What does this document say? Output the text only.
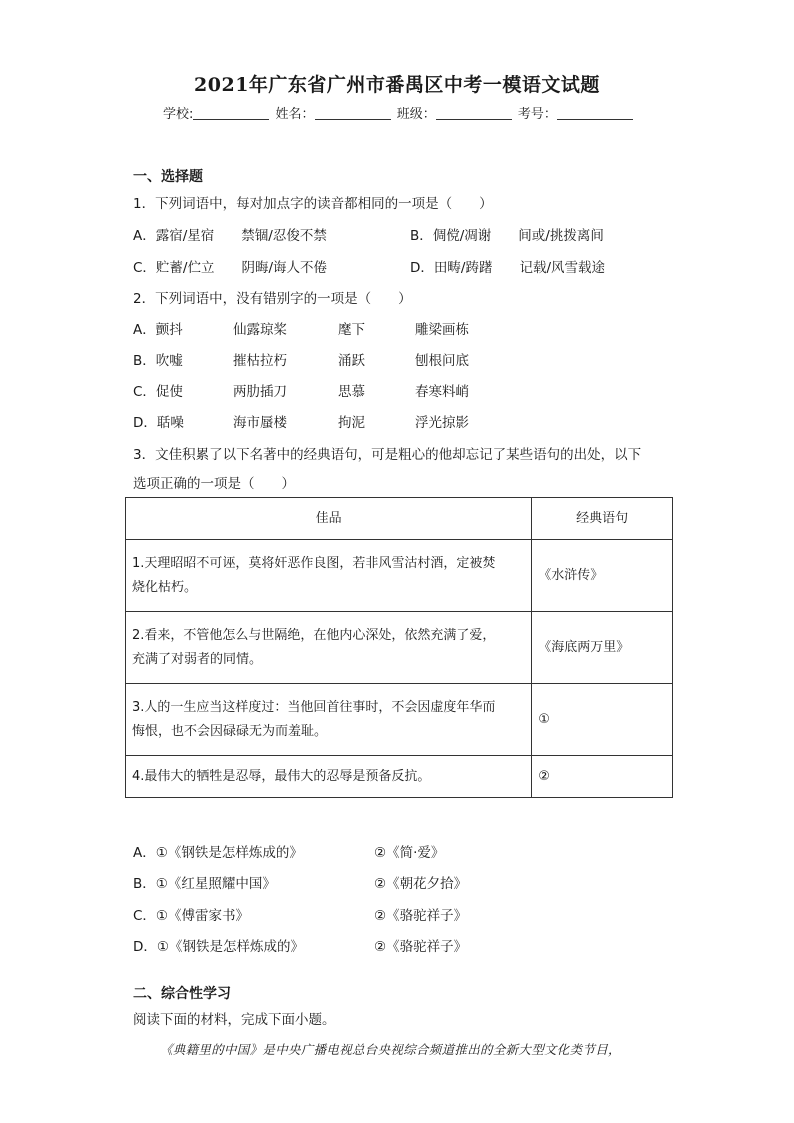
2021年广东省广州市番禺区中考一模语文试题
学校:	姓名：	班级：	考号：
一、选择题
1．下列词语中，每对加点字的读音都相同的一项是（　　）
A．露宿/星宿　　禁锢/忍俊不禁	B．倜傥/凋谢　　间或/挑拨离间
C．贮蓄/伫立　　阴晦/诲人不倦	D．田畴/踌躇　　记载/风雪载途
2．下列词语中，没有错别字的一项是（　　）
A．颤抖	仙露琼桨	麾下	雕梁画栋
B．吹嘘	摧枯拉朽	涌跃	刨根问底
C．促使	两肋插刀	思慕	春寒料峭
D．聒噪	海市蜃楼	拘泥	浮光掠影
3．文佳积累了以下名著中的经典语句，可是粗心的他却忘记了某些语句的出处，以下
选项正确的一项是（　　）
佳品	经典语句
1.天理昭昭不可诬，莫将奸恶作良图，若非风雪沽村酒，定被焚
烧化枯朽。	《水浒传》
2.看来，不管他怎么与世隔绝，在他内心深处，依然充满了爱，
充满了对弱者的同情。	《海底两万里》
3.人的一生应当这样度过：当他回首往事时，不会因虚度年华而
悔恨，也不会因碌碌无为而羞耻。	①
4.最伟大的牺牲是忍辱，最伟大的忍辱是预备反抗。	②
A．①《钢铁是怎样炼成的》	②《简·爱》
B．①《红星照耀中国》	②《朝花夕拾》
C．①《傅雷家书》	②《骆驼祥子》
D．①《钢铁是怎样炼成的》	②《骆驼祥子》
二、综合性学习
阅读下面的材料，完成下面小题。
《典籍里的中国》是中央广播电视总台央视综合频道推出的全新大型文化类节目，
